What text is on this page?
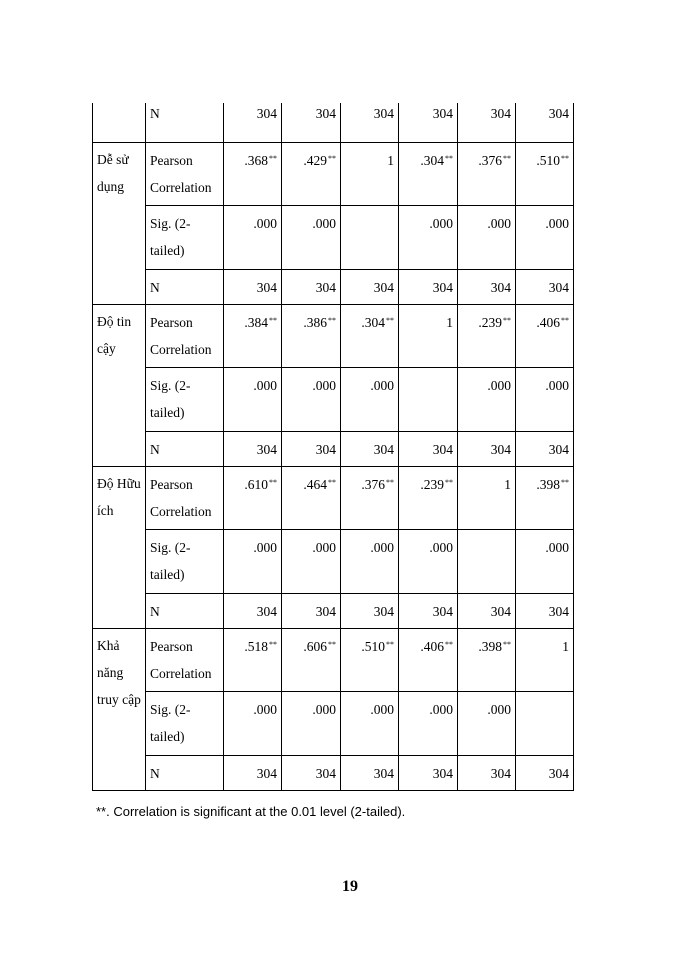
	N	304	304	304	304	304	304
Dễ sử dụng	Pearson Correlation	.368**	.429**	1	.304**	.376**	.510**
	Sig. (2-tailed)	.000	.000		.000	.000	.000
	N	304	304	304	304	304	304
Độ tin cậy	Pearson Correlation	.384**	.386**	.304**	1	.239**	.406**
	Sig. (2-tailed)	.000	.000	.000		.000	.000
	N	304	304	304	304	304	304
Độ Hữu ích	Pearson Correlation	.610**	.464**	.376**	.239**	1	.398**
	Sig. (2-tailed)	.000	.000	.000	.000		.000
	N	304	304	304	304	304	304
Khả năng truy cập	Pearson Correlation	.518**	.606**	.510**	.406**	.398**	1
	Sig. (2-tailed)	.000	.000	.000	.000	.000	
	N	304	304	304	304	304	304
**. Correlation is significant at the 0.01 level (2-tailed).
19
